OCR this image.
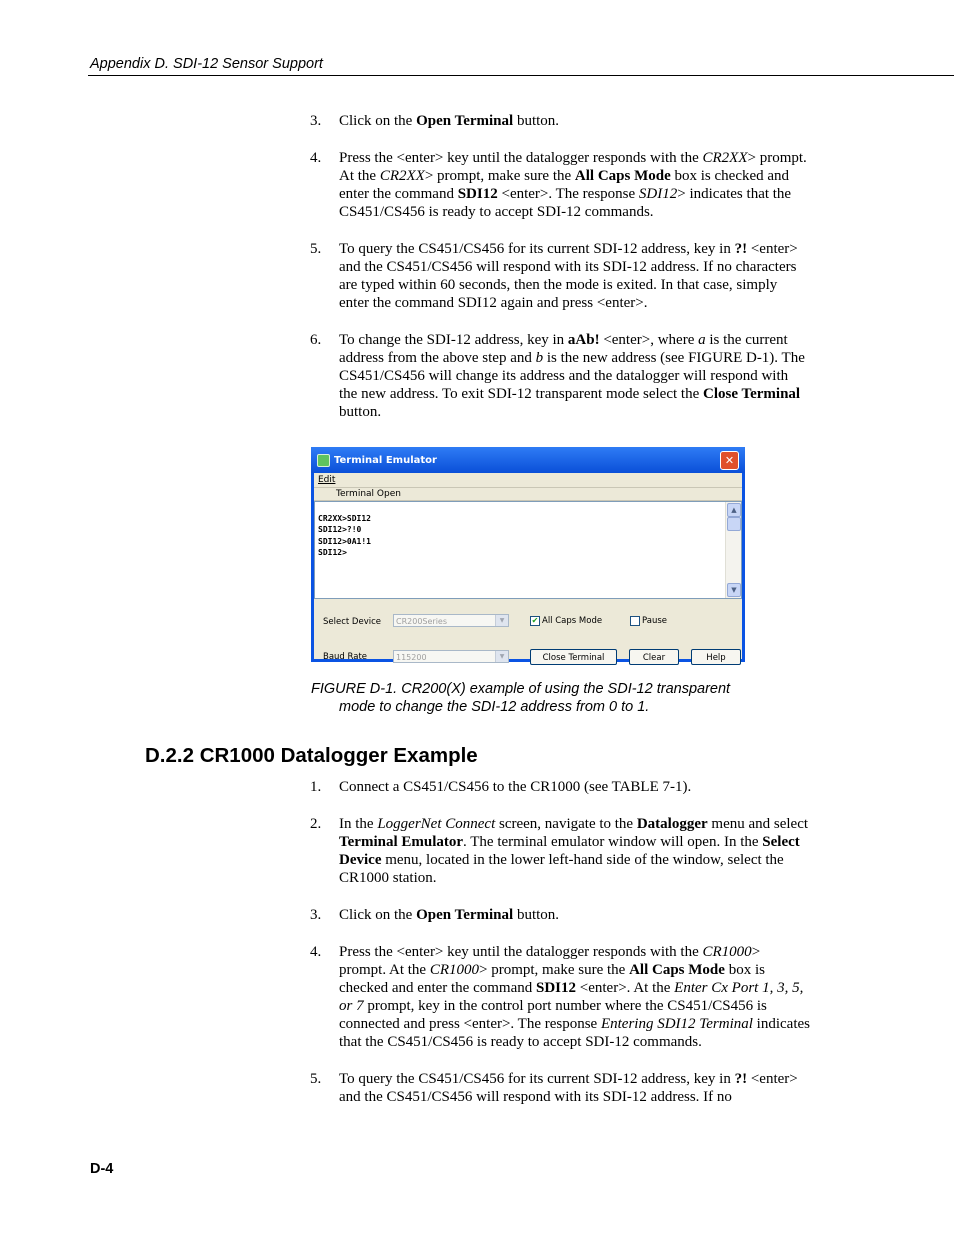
Appendix D. SDI-12 Sensor Support
3. Click on the Open Terminal button.
4. Press the <enter> key until the datalogger responds with the CR2XX> prompt. At the CR2XX> prompt, make sure the All Caps Mode box is checked and enter the command SDI12 <enter>. The response SDI12> indicates that the CS451/CS456 is ready to accept SDI-12 commands.
5. To query the CS451/CS456 for its current SDI-12 address, key in ?! <enter> and the CS451/CS456 will respond with its SDI-12 address. If no characters are typed within 60 seconds, then the mode is exited. In that case, simply enter the command SDI12 again and press <enter>.
6. To change the SDI-12 address, key in aAb! <enter>, where a is the current address from the above step and b is the new address (see FIGURE D-1). The CS451/CS456 will change its address and the datalogger will respond with the new address. To exit SDI-12 transparent mode select the Close Terminal button.
Terminal Emulator	✕
Edit
Terminal Open
CR2XX>SDI12
SDI12>?!0
SDI12>0A1!1
SDI12>
▲
▼
Select Device	CR200Series	▼	✔ All Caps Mode	Pause
Baud Rate	115200	▼	Close Terminal	Clear	Help
FIGURE D-1. CR200(X) example of using the SDI-12 transparent
mode to change the SDI-12 address from 0 to 1.
D.2.2 CR1000 Datalogger Example
1. Connect a CS451/CS456 to the CR1000 (see TABLE 7-1).
2. In the LoggerNet Connect screen, navigate to the Datalogger menu and select Terminal Emulator. The terminal emulator window will open. In the Select Device menu, located in the lower left-hand side of the window, select the CR1000 station.
3. Click on the Open Terminal button.
4. Press the <enter> key until the datalogger responds with the CR1000> prompt. At the CR1000> prompt, make sure the All Caps Mode box is checked and enter the command SDI12 <enter>. At the Enter Cx Port 1, 3, 5, or 7 prompt, key in the control port number where the CS451/CS456 is connected and press <enter>. The response Entering SDI12 Terminal indicates that the CS451/CS456 is ready to accept SDI-12 commands.
5. To query the CS451/CS456 for its current SDI-12 address, key in ?! <enter> and the CS451/CS456 will respond with its SDI-12 address. If no
D-4
